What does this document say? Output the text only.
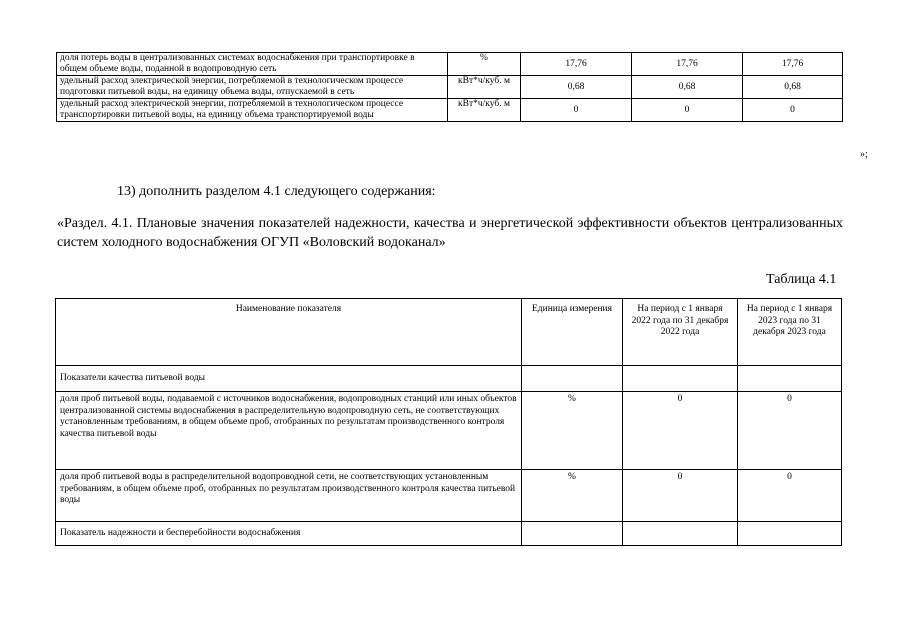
доля потерь воды в централизованных системах водоснабжения при транспортировке в общем объеме воды, поданной в водопроводную сеть	%	17,76	17,76	17,76
удельный расход электрической энергии, потребляемой в технологическом процессе подготовки питьевой воды, на единицу объема воды, отпускаемой в сеть	кВт*ч/куб. м	0,68	0,68	0,68
удельный расход электрической энергии, потребляемой в технологическом процессе транспортировки питьевой воды, на единицу объема транспортируемой воды	кВт*ч/куб. м	0	0	0
»;
13) дополнить разделом 4.1 следующего содержания:
«Раздел. 4.1. Плановые значения показателей надежности, качества и энергетической эффективности объектов централизованных систем холодного водоснабжения ОГУП «Воловский водоканал»
Таблица 4.1
Наименование показателя	Единица измерения	На период с 1 января 2022 года по 31 декабря 2022 года	На период с 1 января 2023 года по 31 декабря 2023 года
Показатели качества питьевой воды			
доля проб питьевой воды, подаваемой с источников водоснабжения, водопроводных станций или иных объектов централизованной системы водоснабжения в распределительную водопроводную сеть, не соответствующих установленным требованиям, в общем объеме проб, отобранных по результатам производственного контроля качества питьевой воды	%	0	0
доля проб питьевой воды в распределительной водопроводной сети, не соответствующих установленным требованиям, в общем объеме проб, отобранных по результатам производственного контроля качества питьевой воды	%	0	0
Показатель надежности и бесперебойности водоснабжения			
